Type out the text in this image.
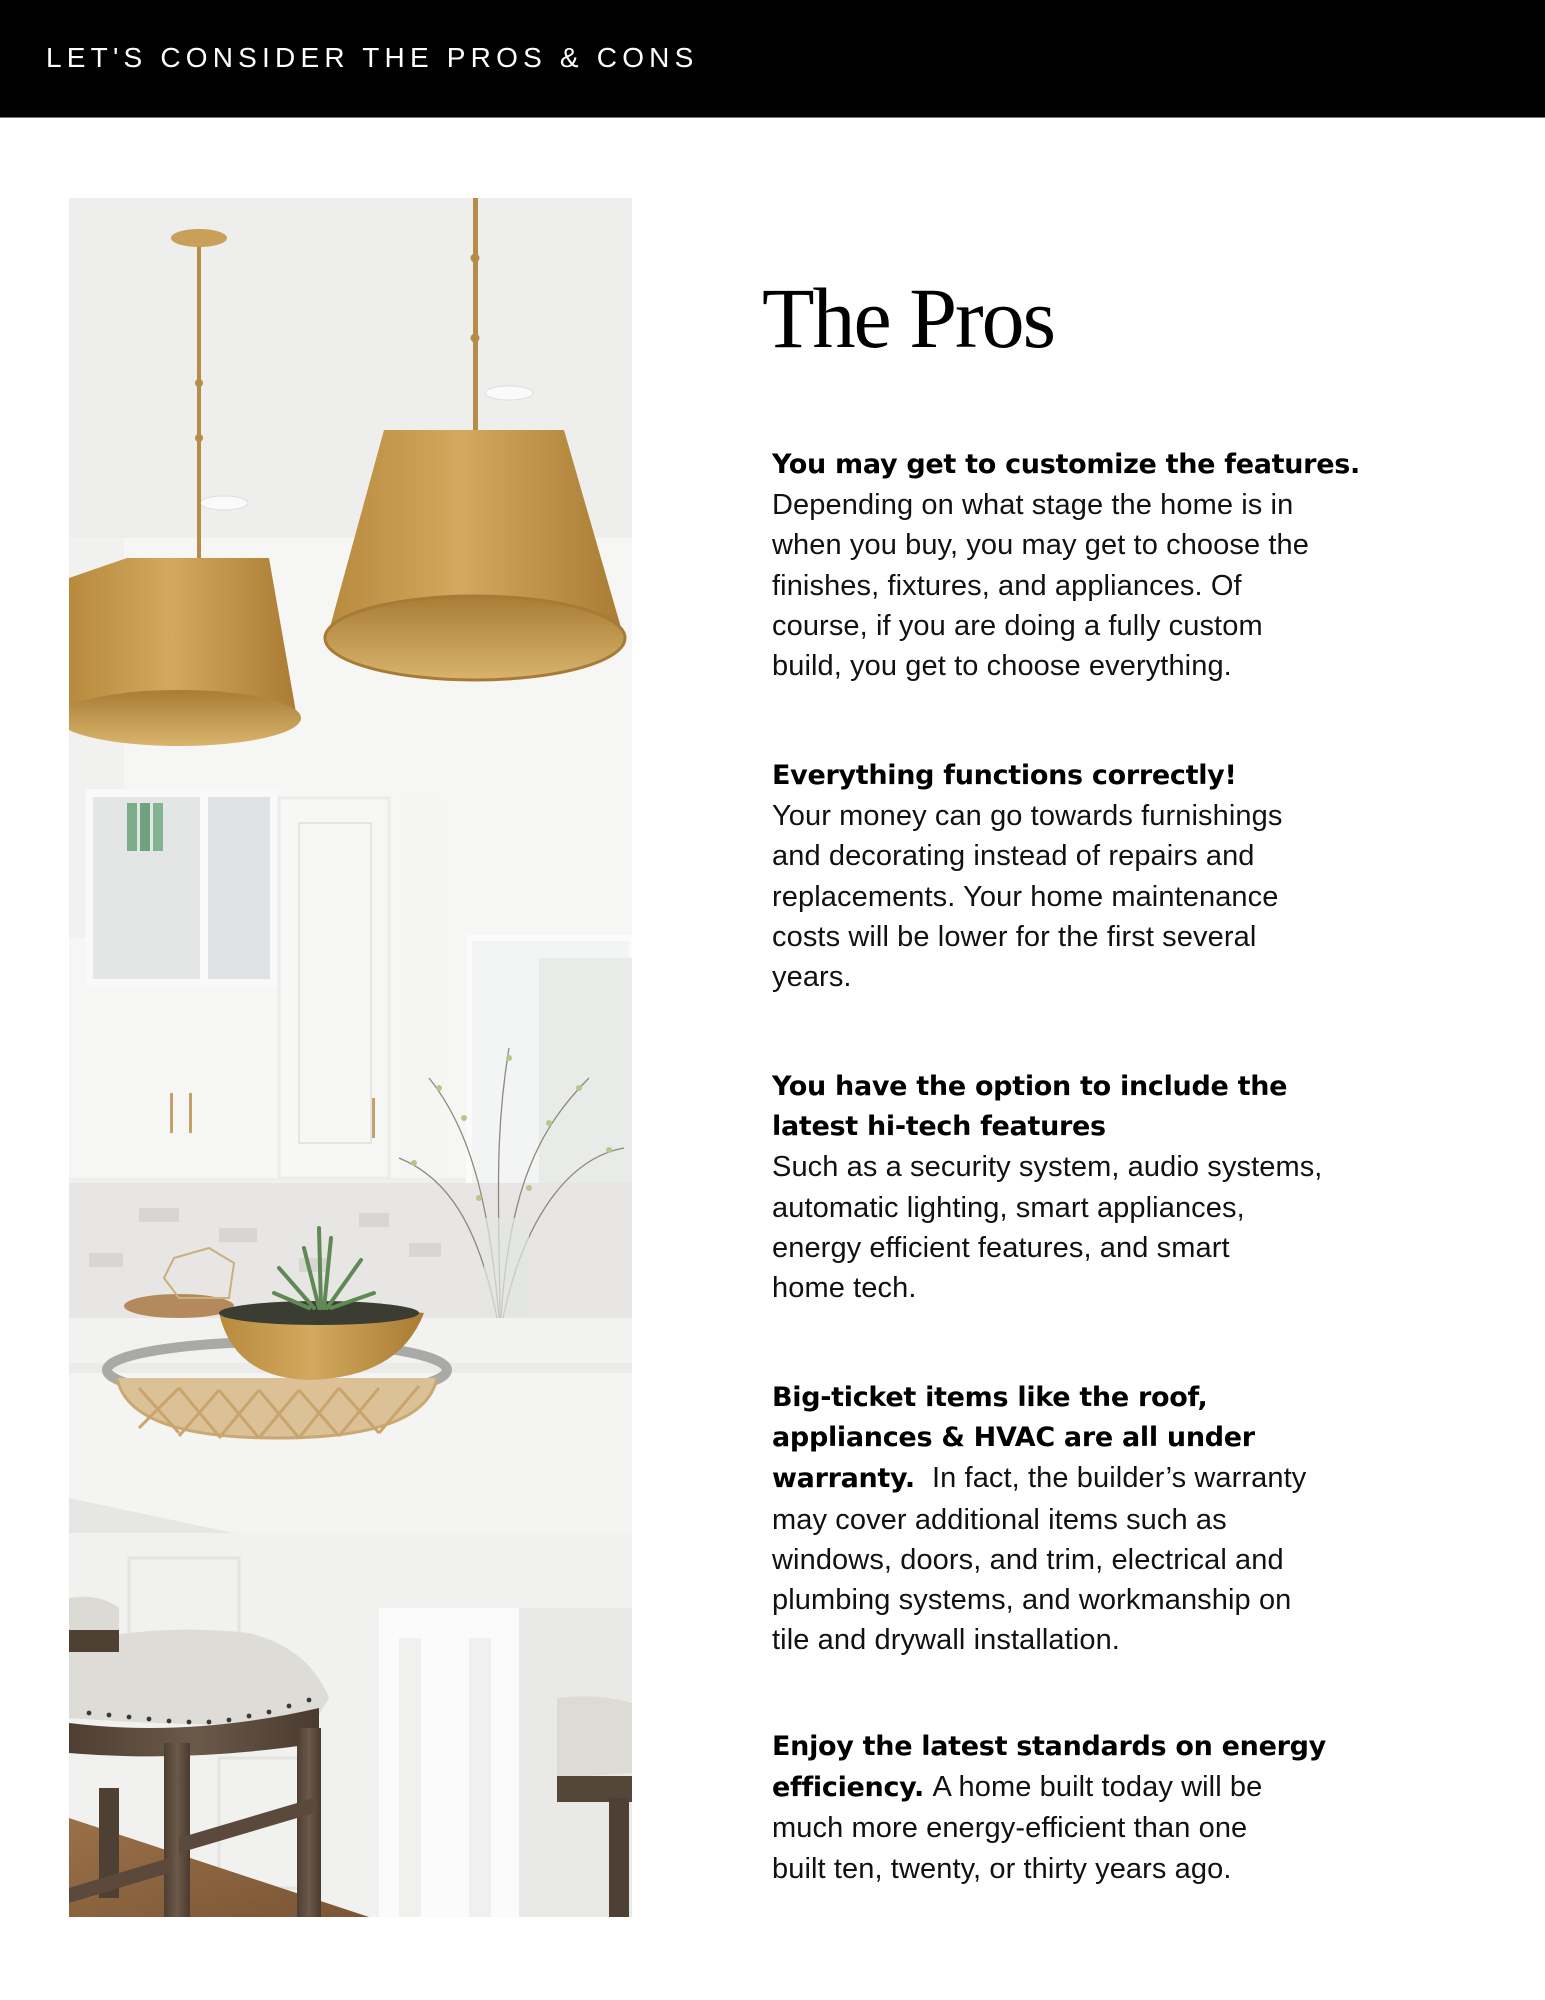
LET'S CONSIDER THE PROS & CONS
The Pros
You may get to customize the features.
Depending on what stage the home is in
when you buy, you may get to choose the
finishes, fixtures, and appliances. Of
course, if you are doing a fully custom
build, you get to choose everything.
Everything functions correctly!
Your money can go towards furnishings
and decorating instead of repairs and
replacements. Your home maintenance
costs will be lower for the first several
years.
You have the option to include the
latest hi-tech features
Such as a security system, audio systems,
automatic lighting, smart appliances,
energy efficient features, and smart
home tech.
Big-ticket items like the roof,
appliances & HVAC are all under
warranty. In fact, the builder’s warranty
may cover additional items such as
windows, doors, and trim, electrical and
plumbing systems, and workmanship on
tile and drywall installation.
Enjoy the latest standards on energy
efficiency. A home built today will be
much more energy-efficient than one
built ten, twenty, or thirty years ago.
